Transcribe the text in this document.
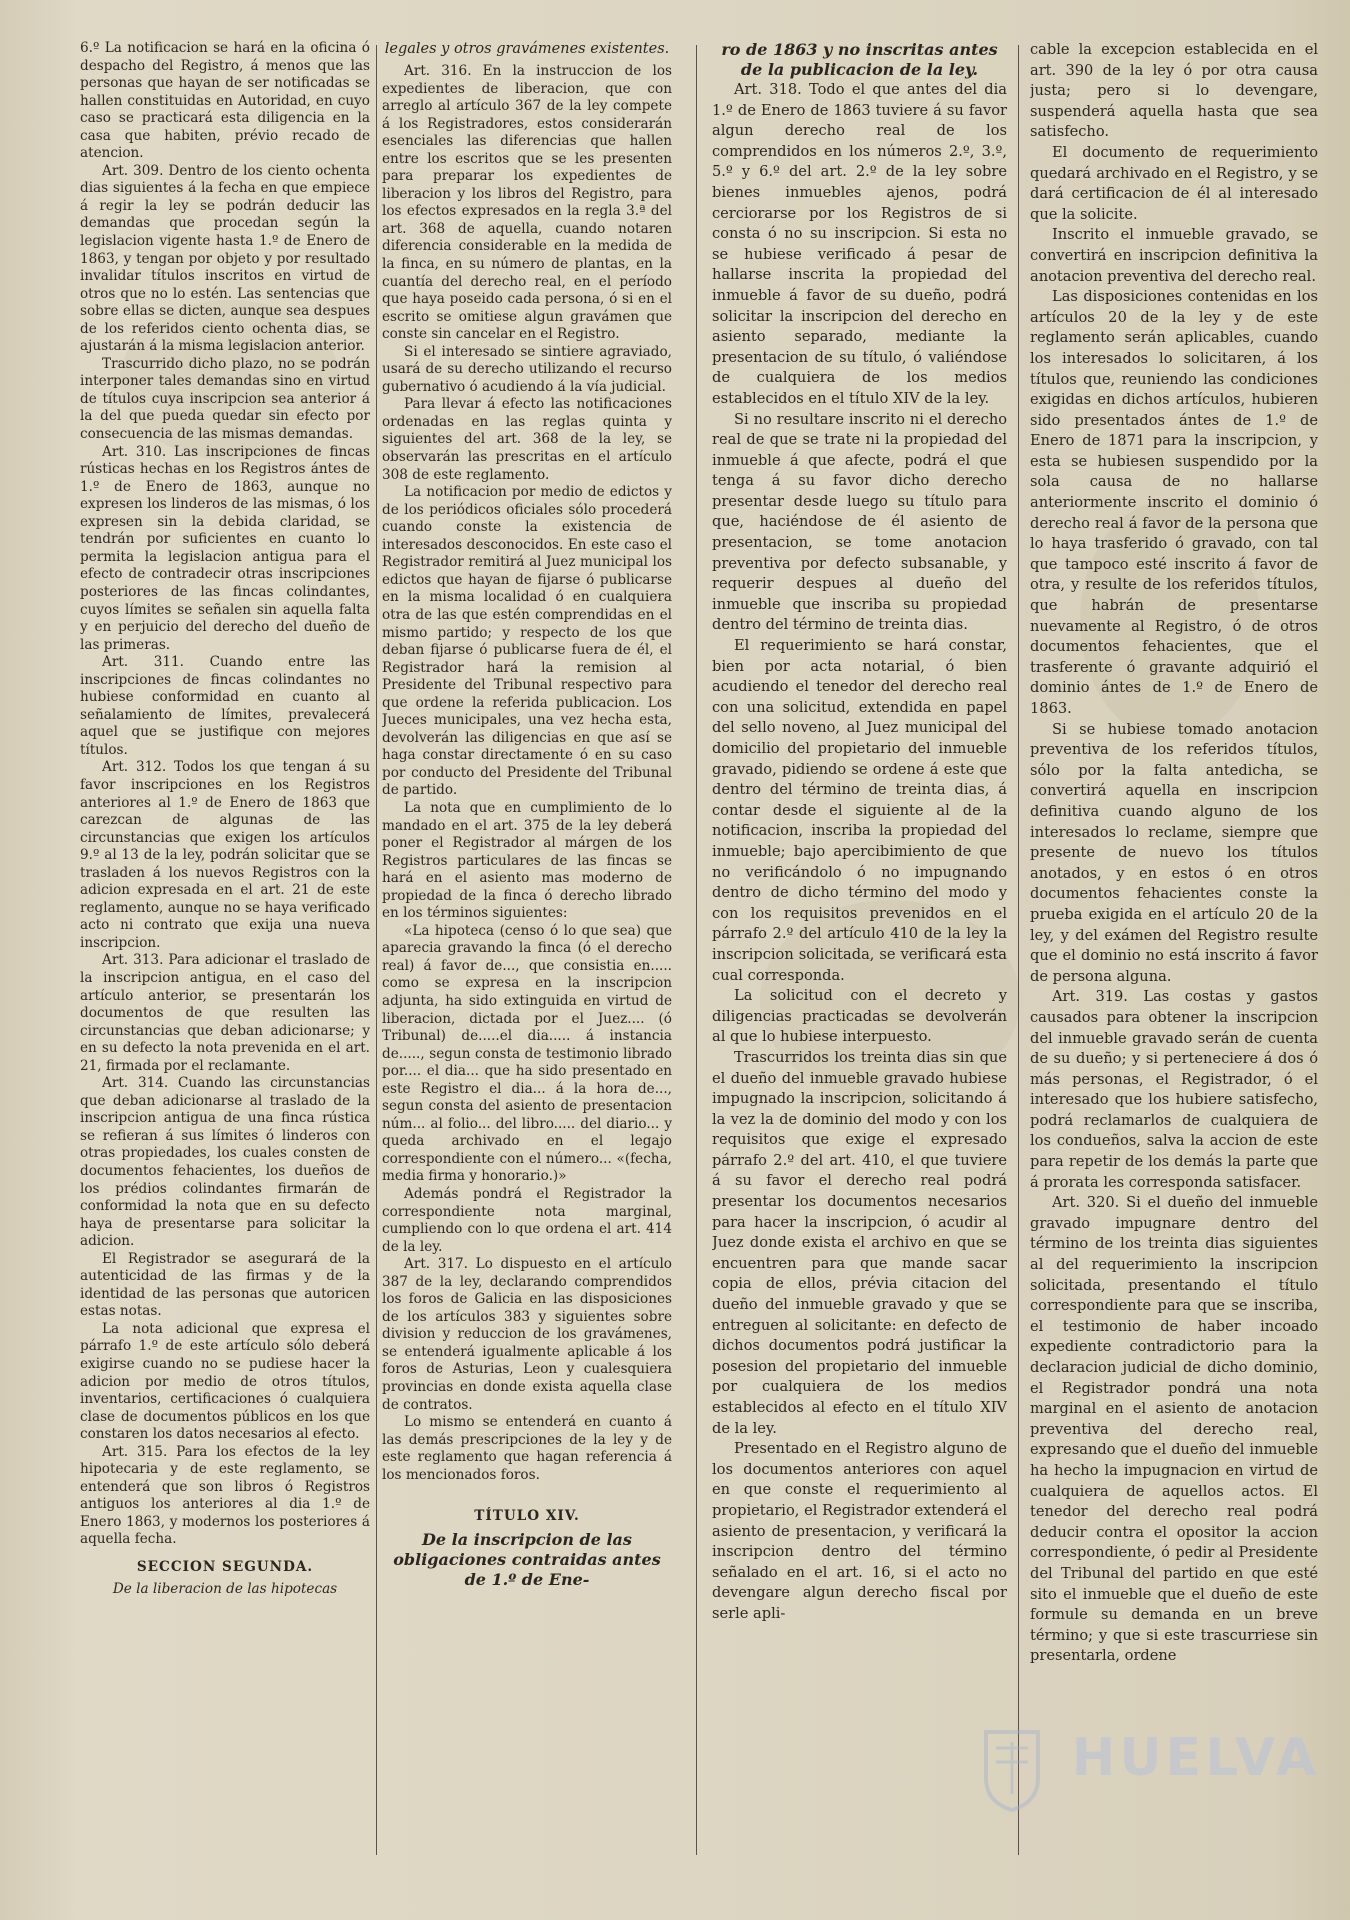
6.º La notificacion se hará en la oficina ó despacho del Registro, á menos que las personas que hayan de ser notificadas se hallen constituidas en Autoridad, en cuyo caso se practicará esta diligencia en la casa que habiten, prévio recado de atencion.

Art. 309. Dentro de los ciento ochenta dias siguientes á la fecha en que empiece á regir la ley se podrán deducir las demandas que procedan según la legislacion vigente hasta 1.º de Enero de 1863, y tengan por objeto y por resultado invalidar títulos inscritos en virtud de otros que no lo estén. Las sentencias que sobre ellas se dicten, aunque sea despues de los referidos ciento ochenta dias, se ajustarán á la misma legislacion anterior.

Trascurrido dicho plazo, no se podrán interponer tales demandas sino en virtud de títulos cuya inscripcion sea anterior á la del que pueda quedar sin efecto por consecuencia de las mismas demandas.

Art. 310. Las inscripciones de fincas rústicas hechas en los Registros ántes de 1.º de Enero de 1863, aunque no expresen los linderos de las mismas, ó los expresen sin la debida claridad, se tendrán por suficientes en cuanto lo permita la legislacion antigua para el efecto de contradecir otras inscripciones posteriores de las fincas colindantes, cuyos límites se señalen sin aquella falta y en perjuicio del derecho del dueño de las primeras.

Art. 311. Cuando entre las inscripciones de fincas colindantes no hubiese conformidad en cuanto al señalamiento de límites, prevalecerá aquel que se justifique con mejores títulos.

Art. 312. Todos los que tengan á su favor inscripciones en los Registros anteriores al 1.º de Enero de 1863 que carezcan de algunas de las circunstancias que exigen los artículos 9.º al 13 de la ley, podrán solicitar que se trasladen á los nuevos Registros con la adicion expresada en el art. 21 de este reglamento, aunque no se haya verificado acto ni contrato que exija una nueva inscripcion.

Art. 313. Para adicionar el traslado de la inscripcion antigua, en el caso del artículo anterior, se presentarán los documentos de que resulten las circunstancias que deban adicionarse; y en su defecto la nota prevenida en el art. 21, firmada por el reclamante.

Art. 314. Cuando las circunstancias que deban adicionarse al traslado de la inscripcion antigua de una finca rústica se refieran á sus límites ó linderos con otras propiedades, los cuales consten de documentos fehacientes, los dueños de los prédios colindantes firmarán de conformidad la nota que en su defecto haya de presentarse para solicitar la adicion.

El Registrador se asegurará de la autenticidad de las firmas y de la identidad de las personas que autoricen estas notas.

La nota adicional que expresa el párrafo 1.º de este artículo sólo deberá exigirse cuando no se pudiese hacer la adicion por medio de otros títulos, inventarios, certificaciones ó cualquiera clase de documentos públicos en los que constaren los datos necesarios al efecto.

Art. 315. Para los efectos de la ley hipotecaria y de este reglamento, se entenderá que son libros ó Registros antiguos los anteriores al dia 1.º de Enero 1863, y modernos los posteriores á aquella fecha.

SECCION SEGUNDA.

De la liberacion de las hipotecas

legales y otros gravámenes existentes.

Art. 316. En la instruccion de los expedientes de liberacion, que con arreglo al artículo 367 de la ley compete á los Registradores, estos considerarán esenciales las diferencias que hallen entre los escritos que se les presenten para preparar los expedientes de liberacion y los libros del Registro, para los efectos expresados en la regla 3.ª del art. 368 de aquella, cuando notaren diferencia considerable en la medida de la finca, en su número de plantas, en la cuantía del derecho real, en el período que haya poseido cada persona, ó si en el escrito se omitiese algun gravámen que conste sin cancelar en el Registro.

Si el interesado se sintiere agraviado, usará de su derecho utilizando el recurso gubernativo ó acudiendo á la vía judicial.

Para llevar á efecto las notificaciones ordenadas en las reglas quinta y siguientes del art. 368 de la ley, se observarán las prescritas en el artículo 308 de este reglamento.

La notificacion por medio de edictos y de los periódicos oficiales sólo procederá cuando conste la existencia de interesados desconocidos. En este caso el Registrador remitirá al Juez municipal los edictos que hayan de fijarse ó publicarse en la misma localidad ó en cualquiera otra de las que estén comprendidas en el mismo partido; y respecto de los que deban fijarse ó publicarse fuera de él, el Registrador hará la remision al Presidente del Tribunal respectivo para que ordene la referida publicacion. Los Jueces municipales, una vez hecha esta, devolverán las diligencias en que así se haga constar directamente ó en su caso por conducto del Presidente del Tribunal de partido.

La nota que en cumplimiento de lo mandado en el art. 375 de la ley deberá poner el Registrador al márgen de los Registros particulares de las fincas se hará en el asiento mas moderno de propiedad de la finca ó derecho librado en los términos siguientes:

«La hipoteca (censo ó lo que sea) que aparecia gravando la finca (ó el derecho real) á favor de..., que consistia en..... como se expresa en la inscripcion adjunta, ha sido extinguida en virtud de liberacion, dictada por el Juez.... (ó Tribunal) de.....el dia..... á instancia de....., segun consta de testimonio librado por.... el dia... que ha sido presentado en este Registro el dia... á la hora de..., segun consta del asiento de presentacion núm... al folio... del libro..... del diario... y queda archivado en el legajo correspondiente con el número... «(fecha, media firma y honorario.)»

Además pondrá el Registrador la correspondiente nota marginal, cumpliendo con lo que ordena el art. 414 de la ley.

Art. 317. Lo dispuesto en el artículo 387 de la ley, declarando comprendidos los foros de Galicia en las disposiciones de los artículos 383 y siguientes sobre division y reduccion de los gravámenes, se entenderá igualmente aplicable á los foros de Asturias, Leon y cualesquiera provincias en donde exista aquella clase de contratos.

Lo mismo se entenderá en cuanto á las demás prescripciones de la ley y de este reglamento que hagan referencia á los mencionados foros.

TÍTULO XIV.

De la inscripcion de las obligaciones contraidas antes de 1.º de Ene-

ro de 1863 y no inscritas antes de la publicacion de la ley.

Art. 318. Todo el que antes del dia 1.º de Enero de 1863 tuviere á su favor algun derecho real de los comprendidos en los números 2.º, 3.º, 5.º y 6.º del art. 2.º de la ley sobre bienes inmuebles ajenos, podrá cerciorarse por los Registros de si consta ó no su inscripcion. Si esta no se hubiese verificado á pesar de hallarse inscrita la propiedad del inmueble á favor de su dueño, podrá solicitar la inscripcion del derecho en asiento separado, mediante la presentacion de su título, ó valiéndose de cualquiera de los medios establecidos en el título XIV de la ley.

Si no resultare inscrito ni el derecho real de que se trate ni la propiedad del inmueble á que afecte, podrá el que tenga á su favor dicho derecho presentar desde luego su título para que, haciéndose de él asiento de presentacion, se tome anotacion preventiva por defecto subsanable, y requerir despues al dueño del inmueble que inscriba su propiedad dentro del término de treinta dias.

El requerimiento se hará constar, bien por acta notarial, ó bien acudiendo el tenedor del derecho real con una solicitud, extendida en papel del sello noveno, al Juez municipal del domicilio del propietario del inmueble gravado, pidiendo se ordene á este que dentro del término de treinta dias, á contar desde el siguiente al de la notificacion, inscriba la propiedad del inmueble; bajo apercibimiento de que no verificándolo ó no impugnando dentro de dicho término del modo y con los requisitos prevenidos en el párrafo 2.º del artículo 410 de la ley la inscripcion solicitada, se verificará esta cual corresponda.

La solicitud con el decreto y diligencias practicadas se devolverán al que lo hubiese interpuesto.

Trascurridos los treinta dias sin que el dueño del inmueble gravado hubiese impugnado la inscripcion, solicitando á la vez la de dominio del modo y con los requisitos que exige el expresado párrafo 2.º del art. 410, el que tuviere á su favor el derecho real podrá presentar los documentos necesarios para hacer la inscripcion, ó acudir al Juez donde exista el archivo en que se encuentren para que mande sacar copia de ellos, prévia citacion del dueño del inmueble gravado y que se entreguen al solicitante: en defecto de dichos documentos podrá justificar la posesion del propietario del inmueble por cualquiera de los medios establecidos al efecto en el título XIV de la ley.

Presentado en el Registro alguno de los documentos anteriores con aquel en que conste el requerimiento al propietario, el Registrador extenderá el asiento de presentacion, y verificará la inscripcion dentro del término señalado en el art. 16, si el acto no devengare algun derecho fiscal por serle apli-

cable la excepcion establecida en el art. 390 de la ley ó por otra causa justa; pero si lo devengare, suspenderá aquella hasta que sea satisfecho.

El documento de requerimiento quedará archivado en el Registro, y se dará certificacion de él al interesado que la solicite.

Inscrito el inmueble gravado, se convertirá en inscripcion definitiva la anotacion preventiva del derecho real.

Las disposiciones contenidas en los artículos 20 de la ley y de este reglamento serán aplicables, cuando los interesados lo solicitaren, á los títulos que, reuniendo las condiciones exigidas en dichos artículos, hubieren sido presentados ántes de 1.º de Enero de 1871 para la inscripcion, y esta se hubiesen suspendido por la sola causa de no hallarse anteriormente inscrito el dominio ó derecho real á favor de la persona que lo haya trasferido ó gravado, con tal que tampoco esté inscrito á favor de otra, y resulte de los referidos títulos, que habrán de presentarse nuevamente al Registro, ó de otros documentos fehacientes, que el trasferente ó gravante adquirió el dominio ántes de 1.º de Enero de 1863.

Si se hubiese tomado anotacion preventiva de los referidos títulos, sólo por la falta antedicha, se convertirá aquella en inscripcion definitiva cuando alguno de los interesados lo reclame, siempre que presente de nuevo los títulos anotados, y en estos ó en otros documentos fehacientes conste la prueba exigida en el artículo 20 de la ley, y del exámen del Registro resulte que el dominio no está inscrito á favor de persona alguna.

Art. 319. Las costas y gastos causados para obtener la inscripcion del inmueble gravado serán de cuenta de su dueño; y si perteneciere á dos ó más personas, el Registrador, ó el interesado que los hubiere satisfecho, podrá reclamarlos de cualquiera de los condueños, salva la accion de este para repetir de los demás la parte que á prorata les corresponda satisfacer.

Art. 320. Si el dueño del inmueble gravado impugnare dentro del término de los treinta dias siguientes al del requerimiento la inscripcion solicitada, presentando el título correspondiente para que se inscriba, el testimonio de haber incoado expediente contradictorio para la declaracion judicial de dicho dominio, el Registrador pondrá una nota marginal en el asiento de anotacion preventiva del derecho real, expresando que el dueño del inmueble ha hecho la impugnacion en virtud de cualquiera de aquellos actos. El tenedor del derecho real podrá deducir contra el opositor la accion correspondiente, ó pedir al Presidente del Tribunal del partido en que esté sito el inmueble que el dueño de este formule su demanda en un breve término; y que si este trascurriese sin presentarla, ordene

HUELVA
